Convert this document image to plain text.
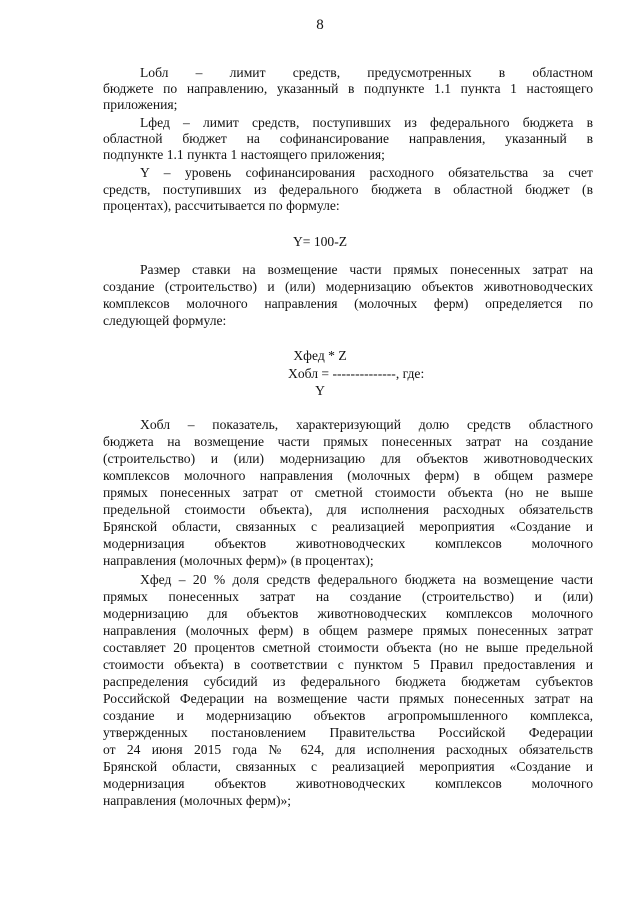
8
Lобл – лимит средств, предусмотренных в областном
бюджете по направлению, указанный в подпункте 1.1 пункта 1 настоящего
приложения;
Lфед – лимит средств, поступивших из федерального бюджета в
областной бюджет на софинансирование направления, указанный в
подпункте 1.1 пункта 1 настоящего приложения;
Y – уровень софинансирования расходного обязательства за счет
средств, поступивших из федерального бюджета в областной бюджет (в
процентах), рассчитывается по формуле:
Y= 100-Z
Размер ставки на возмещение части прямых понесенных затрат на
создание (строительство) и (или) модернизацию объектов животноводческих
комплексов молочного направления (молочных ферм) определяется по
следующей формуле:
Xфед * Z
Xобл = --------------, где:
Y
Xобл – показатель, характеризующий долю средств областного
бюджета на возмещение части прямых понесенных затрат на создание
(строительство) и (или) модернизацию для объектов животноводческих
комплексов молочного направления (молочных ферм) в общем размере
прямых понесенных затрат от сметной стоимости объекта (но не выше
предельной стоимости объекта), для исполнения расходных обязательств
Брянской области, связанных с реализацией мероприятия «Создание и
модернизация объектов животноводческих комплексов молочного
направления (молочных ферм)» (в процентах);
Xфед – 20 % доля средств федерального бюджета на возмещение части
прямых понесенных затрат на создание (строительство) и (или)
модернизацию для объектов животноводческих комплексов молочного
направления (молочных ферм) в общем размере прямых понесенных затрат
составляет 20 процентов сметной стоимости объекта (но не выше предельной
стоимости объекта) в соответствии с пунктом 5 Правил предоставления и
распределения субсидий из федерального бюджета бюджетам субъектов
Российской Федерации на возмещение части прямых понесенных затрат на
создание и модернизацию объектов агропромышленного комплекса,
утвержденных постановлением Правительства Российской Федерации
от 24 июня 2015 года № 624, для исполнения расходных обязательств
Брянской области, связанных с реализацией мероприятия «Создание и
модернизация объектов животноводческих комплексов молочного
направления (молочных ферм)»;
